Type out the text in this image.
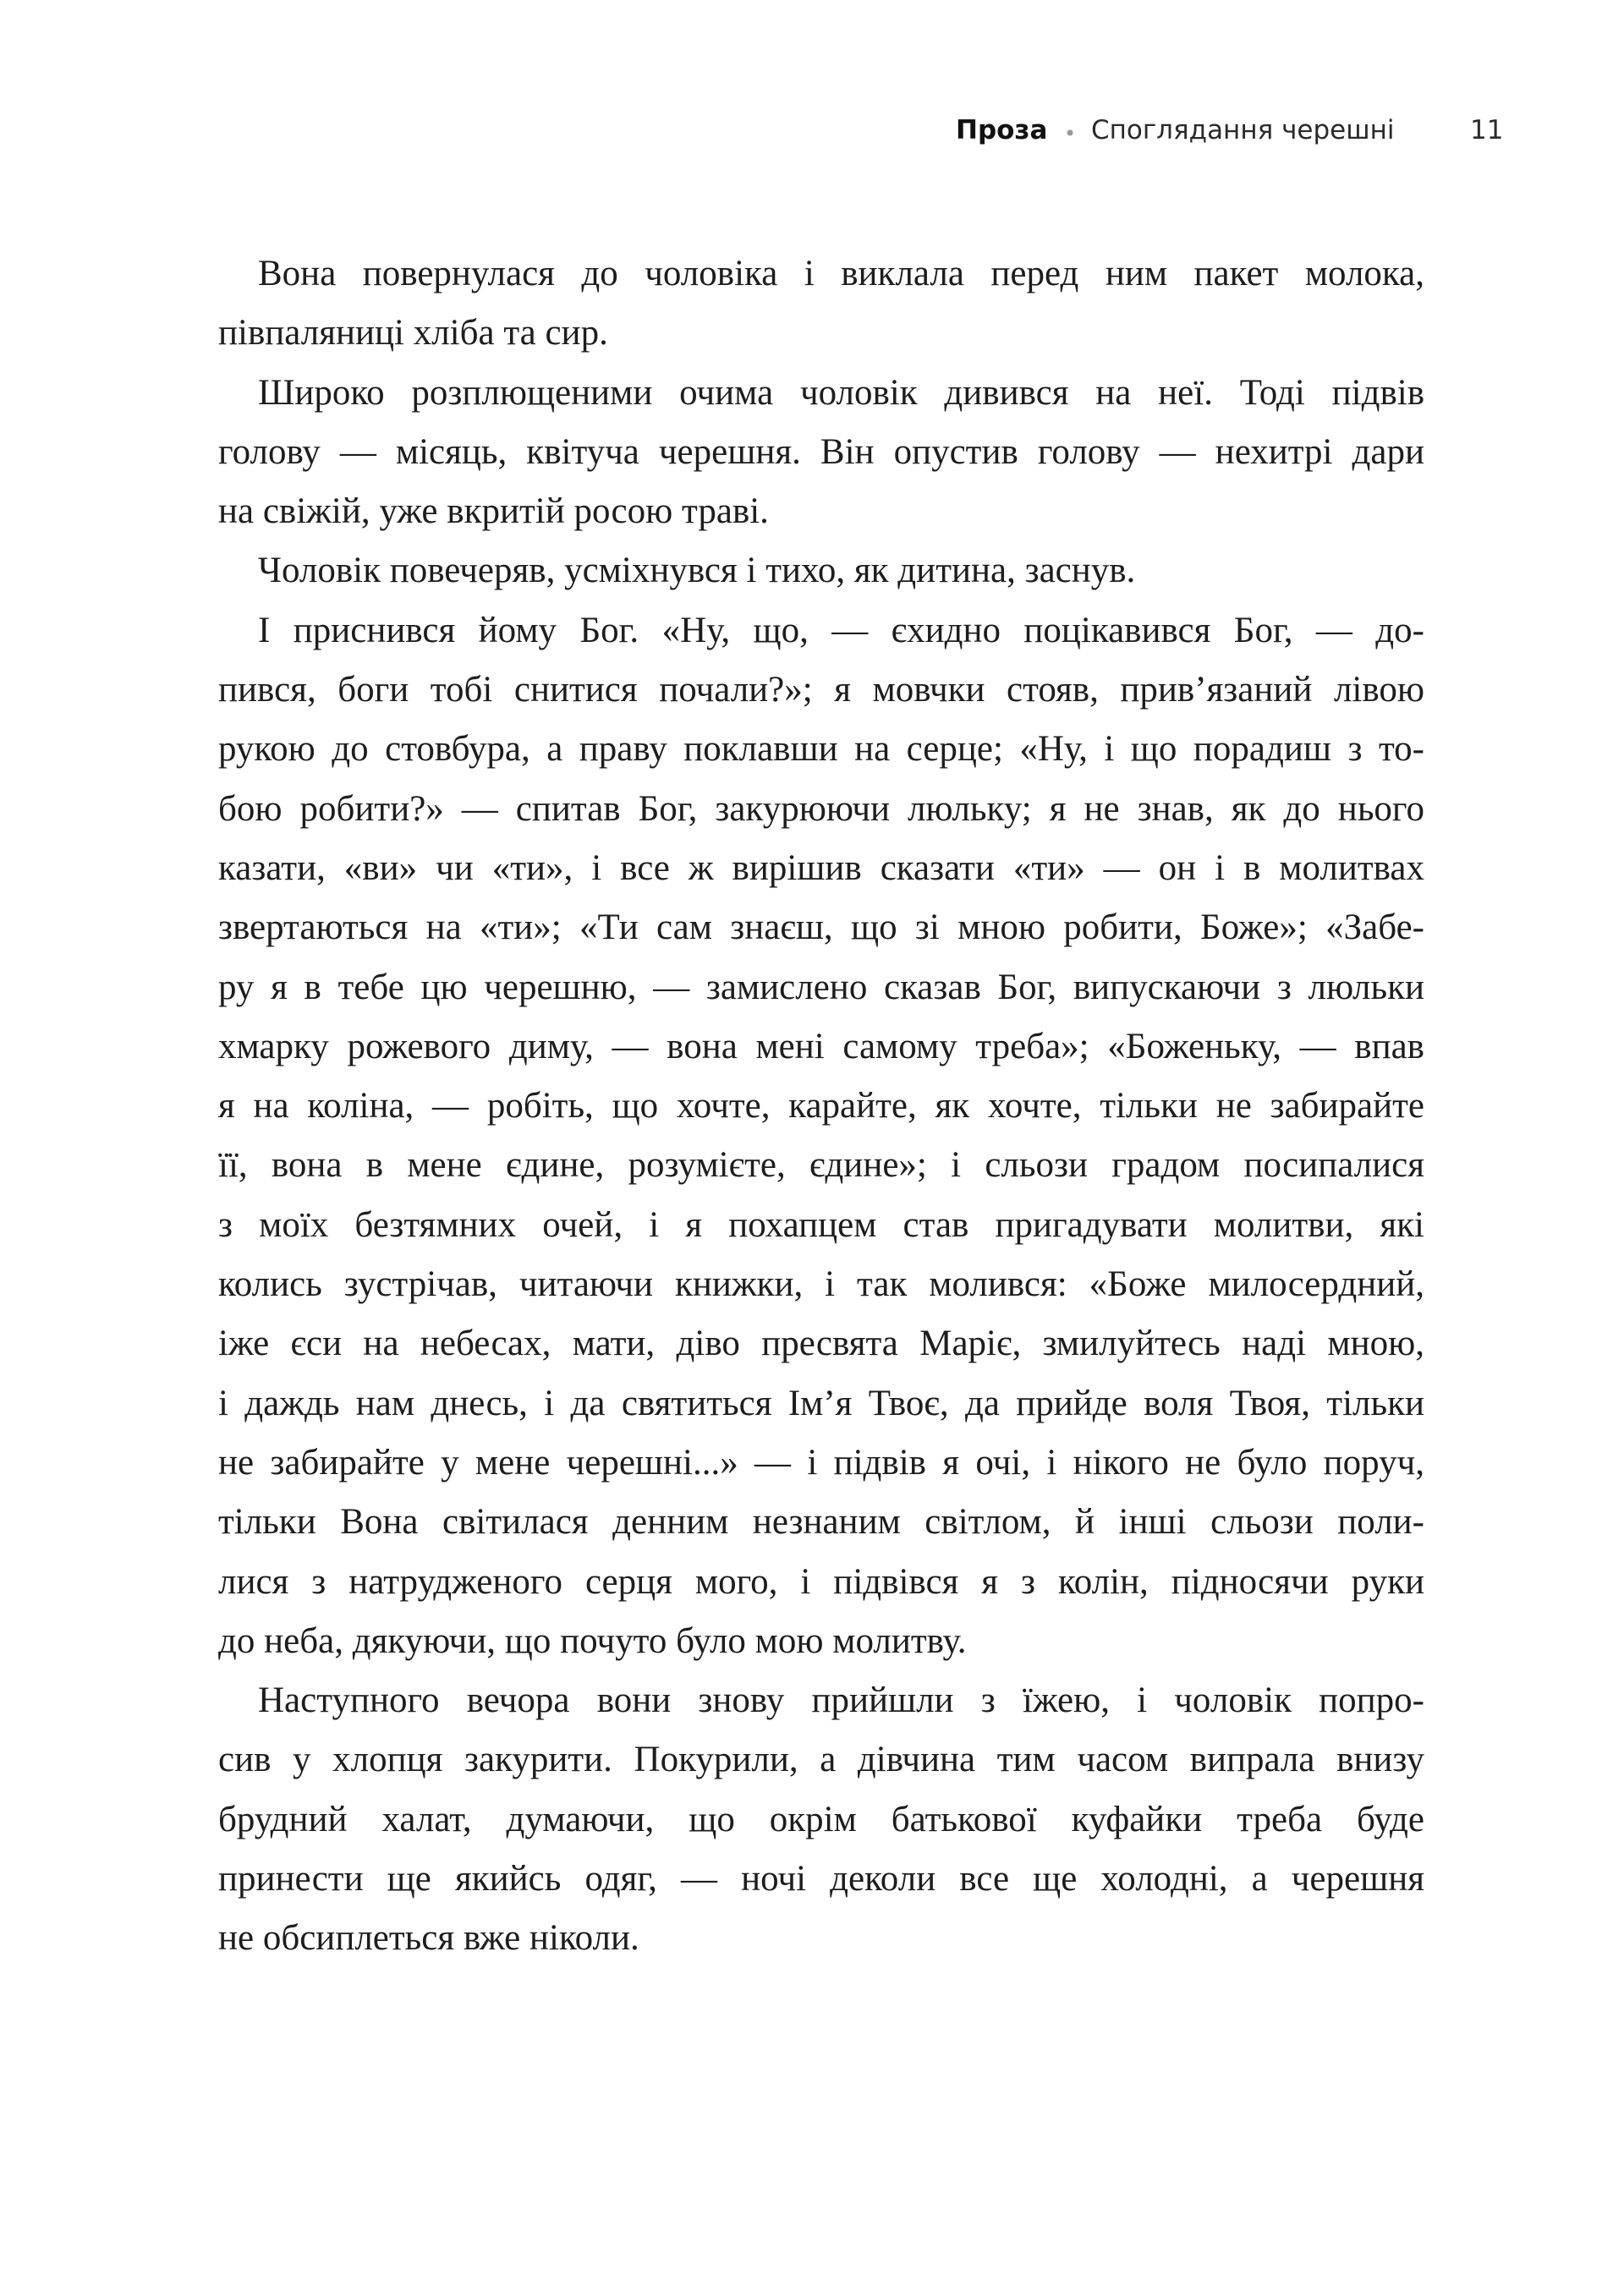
Проза • Споглядання черешні	11
Вона повернулася до чоловіка і виклала перед ним пакет молока,
півпаляниці хліба та сир.
Широко розплющеними очима чоловік дивився на неї. Тоді підвів
голову — місяць, квітуча черешня. Він опустив голову — нехитрі дари
на свіжій, уже вкритій росою траві.
Чоловік повечеряв, усміхнувся і тихо, як дитина, заснув.
І приснився йому Бог. «Ну, що, — єхидно поцікавився Бог, — до-
пився, боги тобі снитися почали?»; я мовчки стояв, прив’язаний лівою
рукою до стовбура, а праву поклавши на серце; «Ну, і що порадиш з то-
бою робити?» — спитав Бог, закурюючи люльку; я не знав, як до нього
казати, «ви» чи «ти», і все ж вирішив сказати «ти» — он і в молитвах
звертаються на «ти»; «Ти сам знаєш, що зі мною робити, Боже»; «Забе-
ру я в тебе цю черешню, — замислено сказав Бог, випускаючи з люльки
хмарку рожевого диму, — вона мені самому треба»; «Боженьку, — впав
я на коліна, — робіть, що хочте, карайте, як хочте, тільки не забирайте
її, вона в мене єдине, розумієте, єдине»; і сльози градом посипалися
з моїх безтямних очей, і я похапцем став пригадувати молитви, які
колись зустрічав, читаючи книжки, і так молився: «Боже милосердний,
іже єси на небесах, мати, діво пресвята Маріє, змилуйтесь наді мною,
і даждь нам днесь, і да святиться Ім’я Твоє, да прийде воля Твоя, тільки
не забирайте у мене черешні...» — і підвів я очі, і нікого не було поруч,
тільки Вона світилася денним незнаним світлом, й інші сльози поли-
лися з натрудженого серця мого, і підвівся я з колін, підносячи руки
до неба, дякуючи, що почуто було мою молитву.
Наступного вечора вони знову прийшли з їжею, і чоловік попро-
сив у хлопця закурити. Покурили, а дівчина тим часом випрала внизу
брудний халат, думаючи, що окрім батькової куфайки треба буде
принести ще якийсь одяг, — ночі деколи все ще холодні, а черешня
не обсиплеться вже ніколи.
